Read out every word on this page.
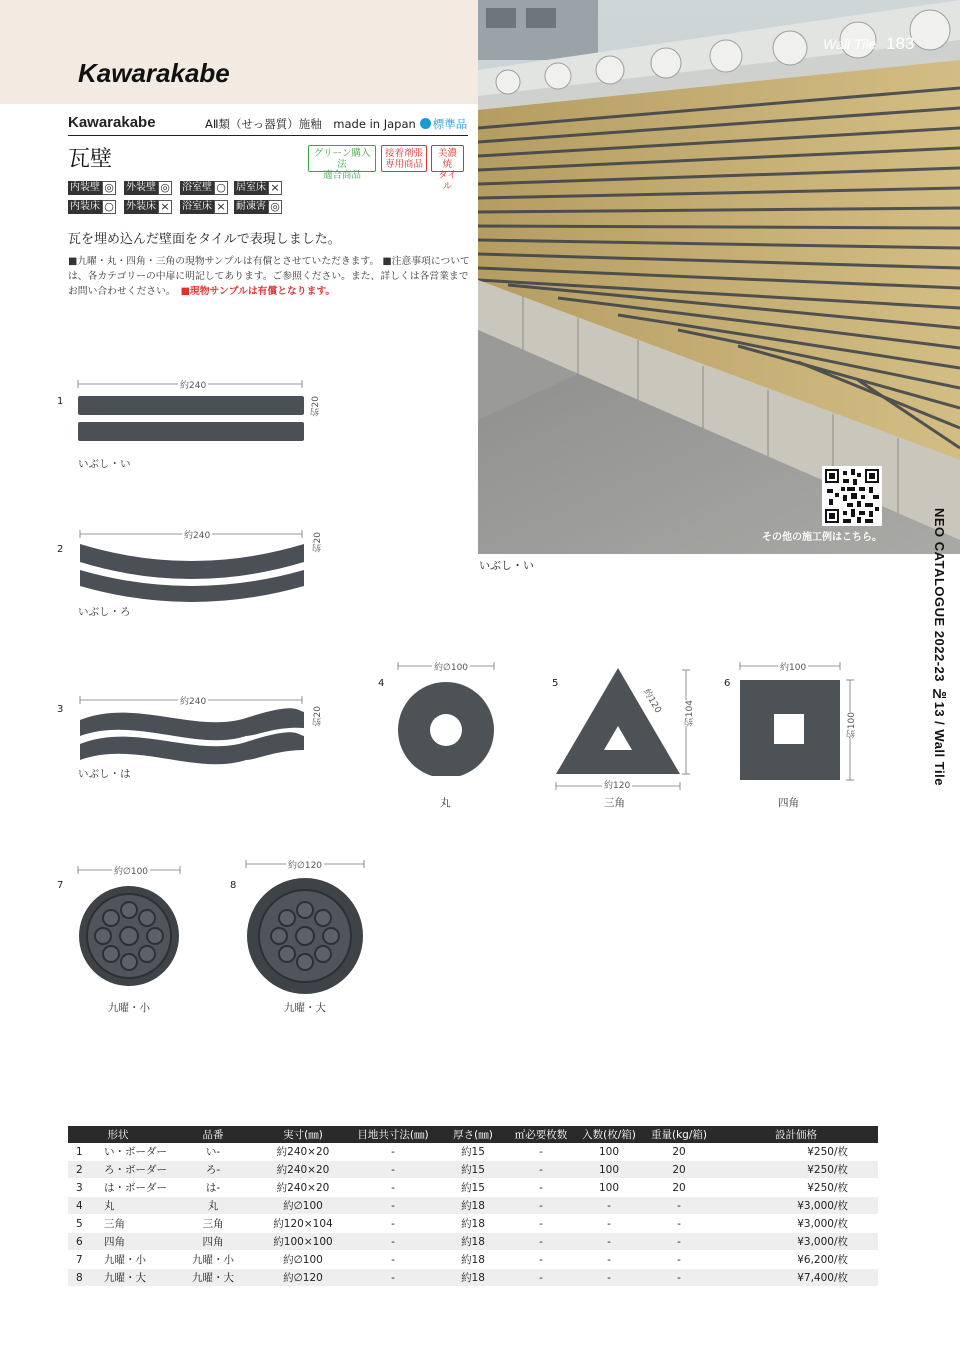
Kawarakabe
Wall Tile 183
その他の施工例はこちら。
いぶし・い	NEO CATALOGUE 2022-23 №13 / Wall Tile
Kawarakabe	AⅡ類（せっ器質）施釉　made in Japan 標準品
瓦壁	グリーン購入法
適合商品
接着剤張
専用商品
美濃焼
タイル
内装壁 ◎ 外装壁 ◎ 浴室壁 ○ 居室床 ×
内装床 ○ 外装床 × 浴室床 × 耐凍害 ◎
瓦を埋め込んだ壁面をタイルで表現しました。
■九曜・丸・四角・三角の現物サンプルは有償とさせていただきます。 ■注意事項については、各カテゴリーの中扉に明記してあります。ご参照ください。また、詳しくは各営業までお問い合わせください。　 ■現物サンプルは有償となります。
1
約240
約20
いぶし・い
2
約240	約20
いぶし・ろ
3
約240
約20
いぶし・は
4
約∅100
丸
5
約120
約104
約120
三角
6
約100
約100
四角
7
約∅100
九曜・小
8
約∅120
九曜・大
形状	品番	実寸(㎜)	目地共寸法(㎜)	厚さ(㎜)	㎡必要枚数	入数(枚/箱)	重量(kg/箱)	設計価格
1 い・ボーダー	い-	約240×20	-	約15	-	100	20	¥250/枚
2 ろ・ボーダー	ろ-	約240×20	-	約15	-	100	20	¥250/枚
3 は・ボーダー	は-	約240×20	-	約15	-	100	20	¥250/枚
4 丸	丸	約∅100	-	約18	-	-	-	¥3,000/枚
5 三角	三角	約120×104	-	約18	-	-	-	¥3,000/枚
6 四角	四角	約100×100	-	約18	-	-	-	¥3,000/枚
7 九曜・小	九曜・小	約∅100	-	約18	-	-	-	¥6,200/枚
8 九曜・大	九曜・大	約∅120	-	約18	-	-	-	¥7,400/枚
